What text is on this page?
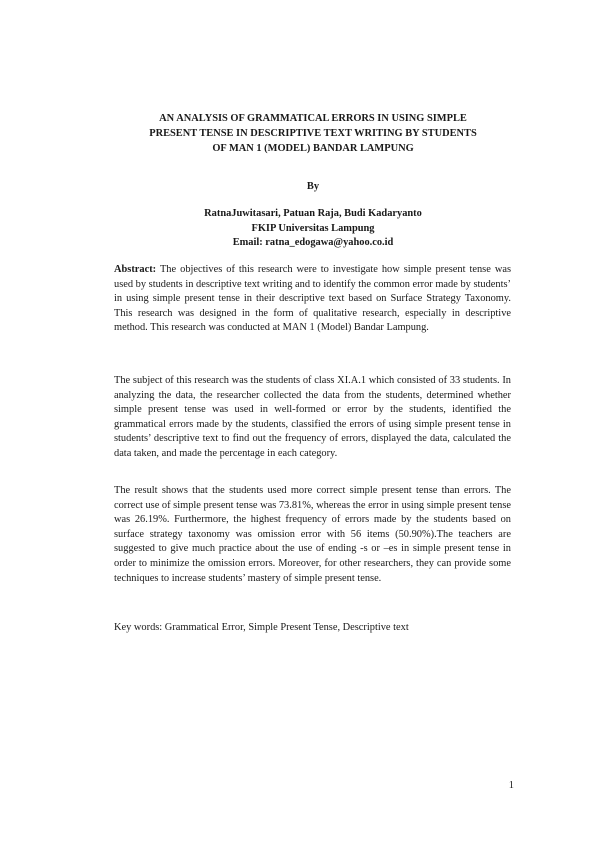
AN ANALYSIS OF GRAMMATICAL ERRORS IN USING SIMPLE
PRESENT TENSE IN DESCRIPTIVE TEXT WRITING BY STUDENTS
OF MAN 1 (MODEL) BANDAR LAMPUNG
By
RatnaJuwitasari, Patuan Raja, Budi Kadaryanto
FKIP Universitas Lampung
Email: ratna_edogawa@yahoo.co.id

Abstract: The objectives of this research were to investigate how simple present tense was used by students in descriptive text writing and to identify the common error made by students’ in using simple present tense in their descriptive text based on Surface Strategy Taxonomy. This research was designed in the form of qualitative research, especially in descriptive method. This research was conducted at MAN 1 (Model) Bandar Lampung.

The subject of this research was the students of class XI.A.1 which consisted of 33 students. In analyzing the data, the researcher collected the data from the students, determined whether simple present tense was used in well-formed or error by the students, identified the grammatical errors made by the students, classified the errors of using simple present tense in students’ descriptive text to find out the frequency of errors, displayed the data, calculated the data taken, and made the percentage in each category.

The result shows that the students used more correct simple present tense than errors. The correct use of simple present tense was 73.81%, whereas the error in using simple present tense was 26.19%. Furthermore, the highest frequency of errors made by the students based on surface strategy taxonomy was omission error with 56 items (50.90%).The teachers are suggested to give much practice about the use of ending -s or –es in simple present tense in order to minimize the omission errors. Moreover, for other researchers, they can provide some techniques to increase students’ mastery of simple present tense.

Key words: Grammatical Error, Simple Present Tense, Descriptive text
1
